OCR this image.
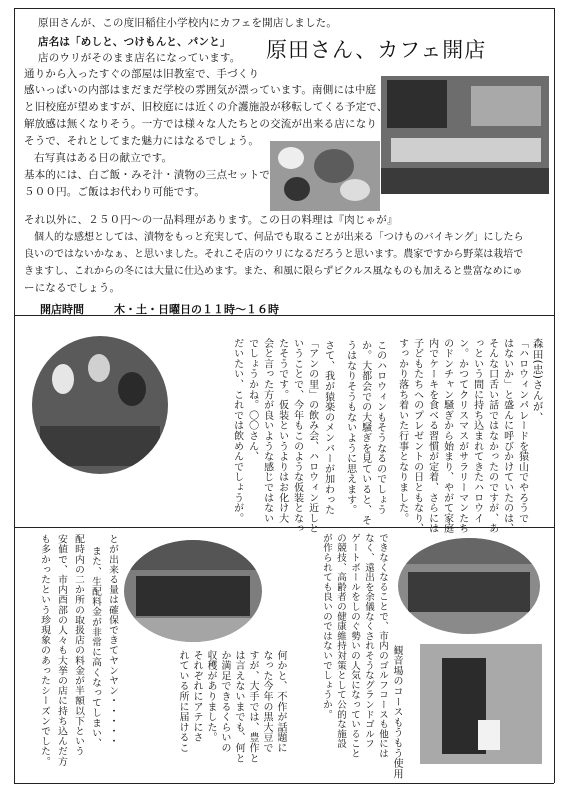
原田さん、カフェ開店
原田さんが、この度旧稲住小学校内にカフェを開店しました。
店名は「めしと、つけもんと、パンと」
店のウリがそのまま店名になっています。
通りから入ったすぐの部屋は旧教室で、手づくり
感いっぱいの内部はまだまだ学校の雰囲気が漂っています。南側には中庭
と旧校庭が望めますが、旧校庭には近くの介護施設が移転してくる予定で、
解放感は無くなりそう。一方では様々な人たちとの交流が出来る店になり
そうで、それとしてまた魅力にはなるでしょう。
右写真はある日の献立です。
基本的には、白ご飯・みそ汁・漬物の三点セットで
５００円。ご飯はお代わり可能です。
それ以外に、２５０円～の一品料理があります。この日の料理は『肉じゃが』
個人的な感想としては、漬物をもっと充実して、何品でも取ることが出来る「つけものバイキング」にしたら
良いのではないかなぁ、と思いました。それこそ店のウリになるだろうと思います。農家ですから野菜は栽培で
きますし、これからの冬には大量に仕込めます。また、和風に限らずピクルス風なものも加えると豊富なめにゅ
ーになるでしょう。
開店時間	木・土・日曜日の１１時～１６時
森田(忠)さんが、
「ハロウィンパレードを猿山でやろうで
はないか」と盛んに呼びかけていたのは、
そんな口舌い話ではなかったのですが、あ
っという間に持ち込まれてきたハロウイ
ン。かつてクリスマスがサラリーマンたち
のドンチャン騒ぎから始まり、やがて家庭
内でケーキを食べる習慣が定着、さらには
子どもたちへのプレゼントの日ともなり、
すっかり落ち着いた行事となりました。
このハロウィンもそうなるのでしょう
か。大都会での大騒ぎを見ていると、そ
うはなりそうもないように思えます。
さて、我が猿楽のメンバーが加わった
「アンの里」の飲み会、ハロウィン近しと
いうことで、今年もこのような仮装となっ
たそうです。仮装というよりはお化け大
会と言った方が良いような感じではない
でしょうかね。〇〇さん、
だいたい、これでは飲めんでしょうが。
観音場のコースもうもう使用
できなくなることで、市内のゴルフコースも他には
なく、遠出を余儀なくされそうなグランドゴルフ
ゲートボールをしのぐ勢いの人気になっていること
の競技、高齢者の健康維持対策として公的な施設
が作られても良いのではないでしょうか。
何かと、不作が話題に
なった今年の黒大豆で
すが、大手では、豊作と
は言えないまでも、何と
か満足できるくらいの
収穫がありました。
それぞれにアテにさ
れている所に届けるこ
とが出来る量は確保できてヤンヤン・・・・・
また、生配料金が非常に高くなってしまい、
配時内の二か所の取扱店の料金が半額以下という
安値で、市内酉部の人々も大挙の店に持ち込んだ方
も多かったという珍現象のあったシーズンでした。
